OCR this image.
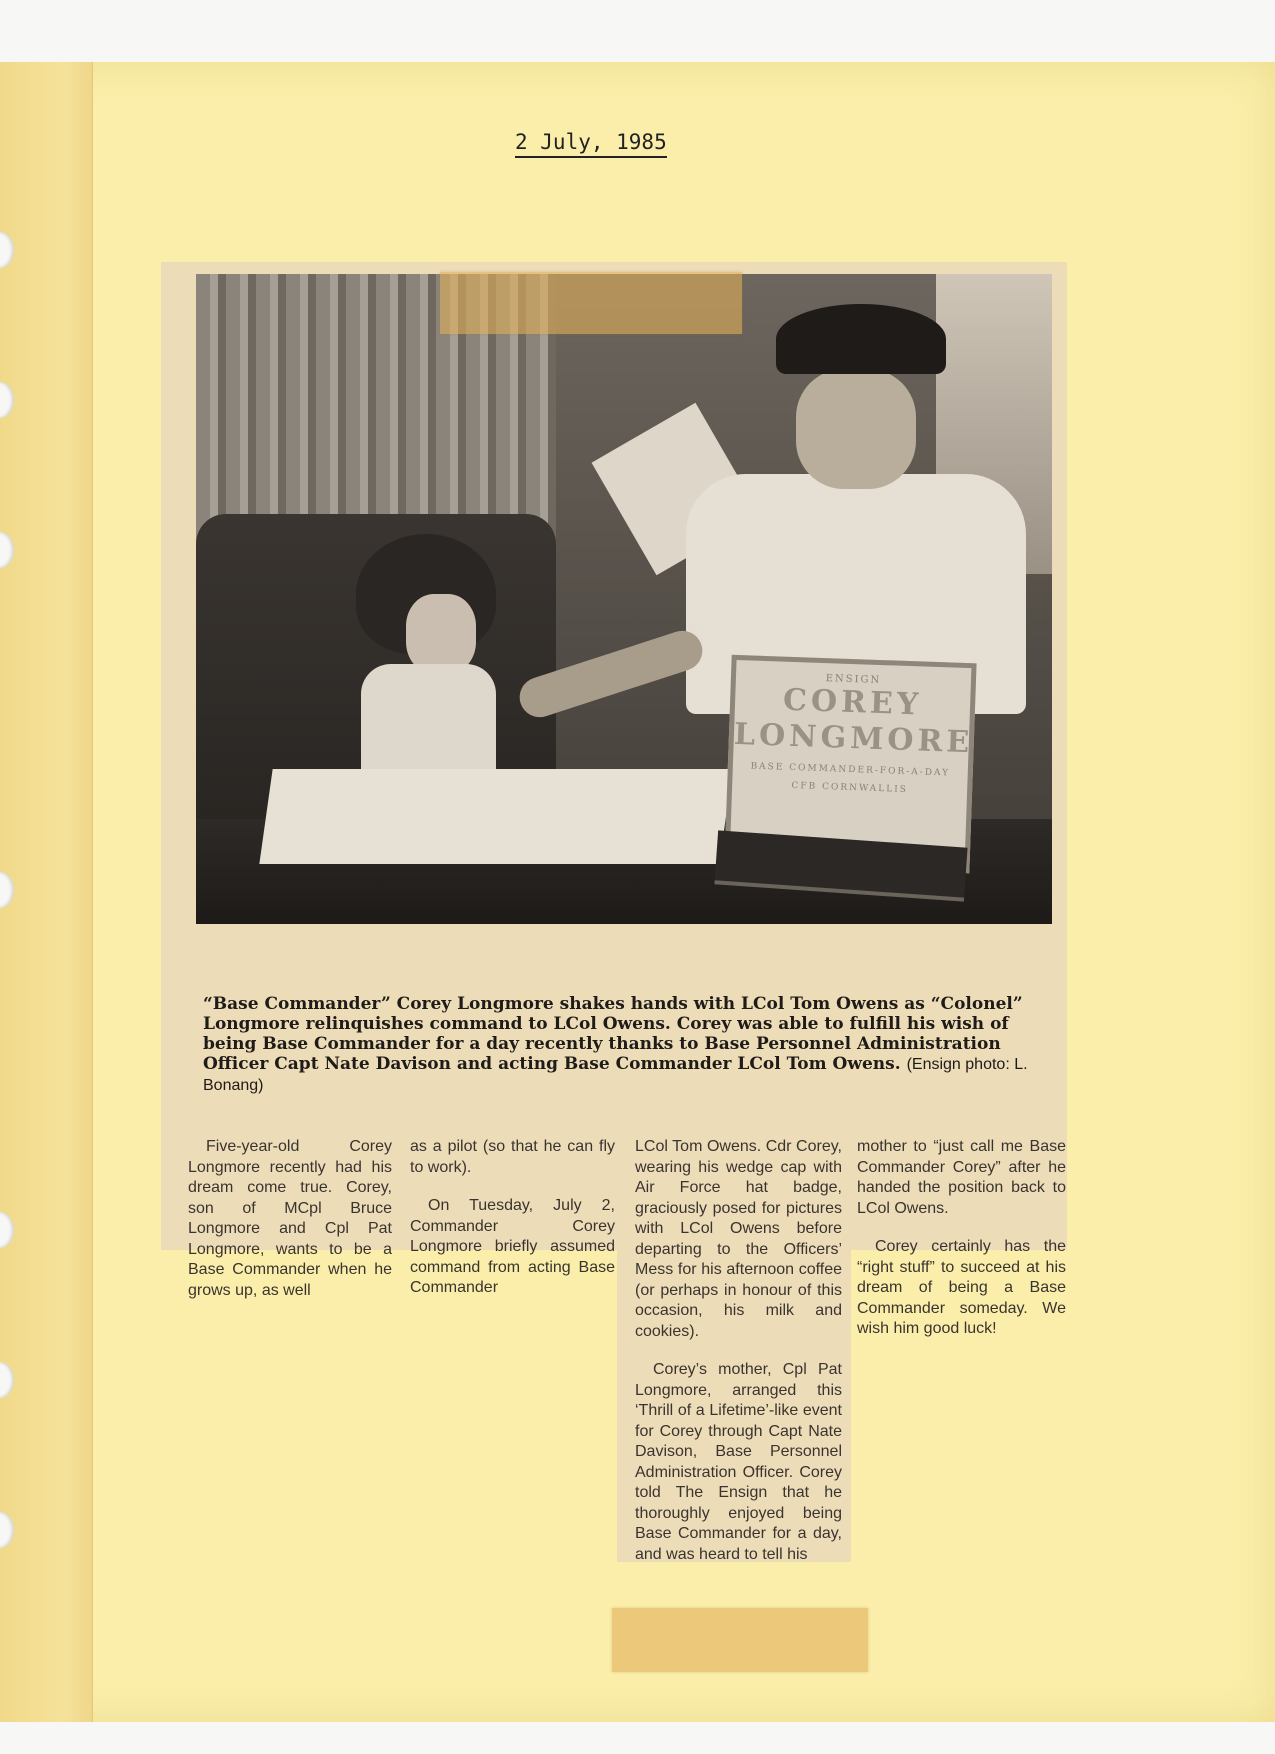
2 July, 1985
ENSIGN
COREY
LONGMORE
BASE COMMANDER-FOR-A-DAY
CFB CORNWALLIS
“Base Commander” Corey Longmore shakes hands with LCol Tom Owens as “Colonel” Longmore relinquishes command to LCol Owens. Corey was able to fulfill his wish of being Base Commander for a day recently thanks to Base Personnel Administration Officer Capt Nate Davison and acting Base Commander LCol Tom Owens. (Ensign photo: L. Bonang)

Five-year-old Corey Longmore recently had his dream come true. Corey, son of MCpl Bruce Longmore and Cpl Pat Longmore, wants to be a Base Commander when he grows up, as well

as a pilot (so that he can fly to work).

On Tuesday, July 2, Commander Corey Longmore briefly assumed command from acting Base Commander

LCol Tom Owens. Cdr Corey, wearing his wedge cap with Air Force hat badge, graciously posed for pictures with LCol Owens before departing to the Officers’ Mess for his afternoon coffee (or perhaps in honour of this occasion, his milk and cookies).

Corey’s mother, Cpl Pat Longmore, arranged this ‘Thrill of a Lifetime’-like event for Corey through Capt Nate Davison, Base Personnel Administration Officer. Corey told The Ensign that he thoroughly enjoyed being Base Commander for a day, and was heard to tell his

mother to “just call me Base Commander Corey” after he handed the position back to LCol Owens.

Corey certainly has the “right stuff” to succeed at his dream of being a Base Commander someday. We wish him good luck!
